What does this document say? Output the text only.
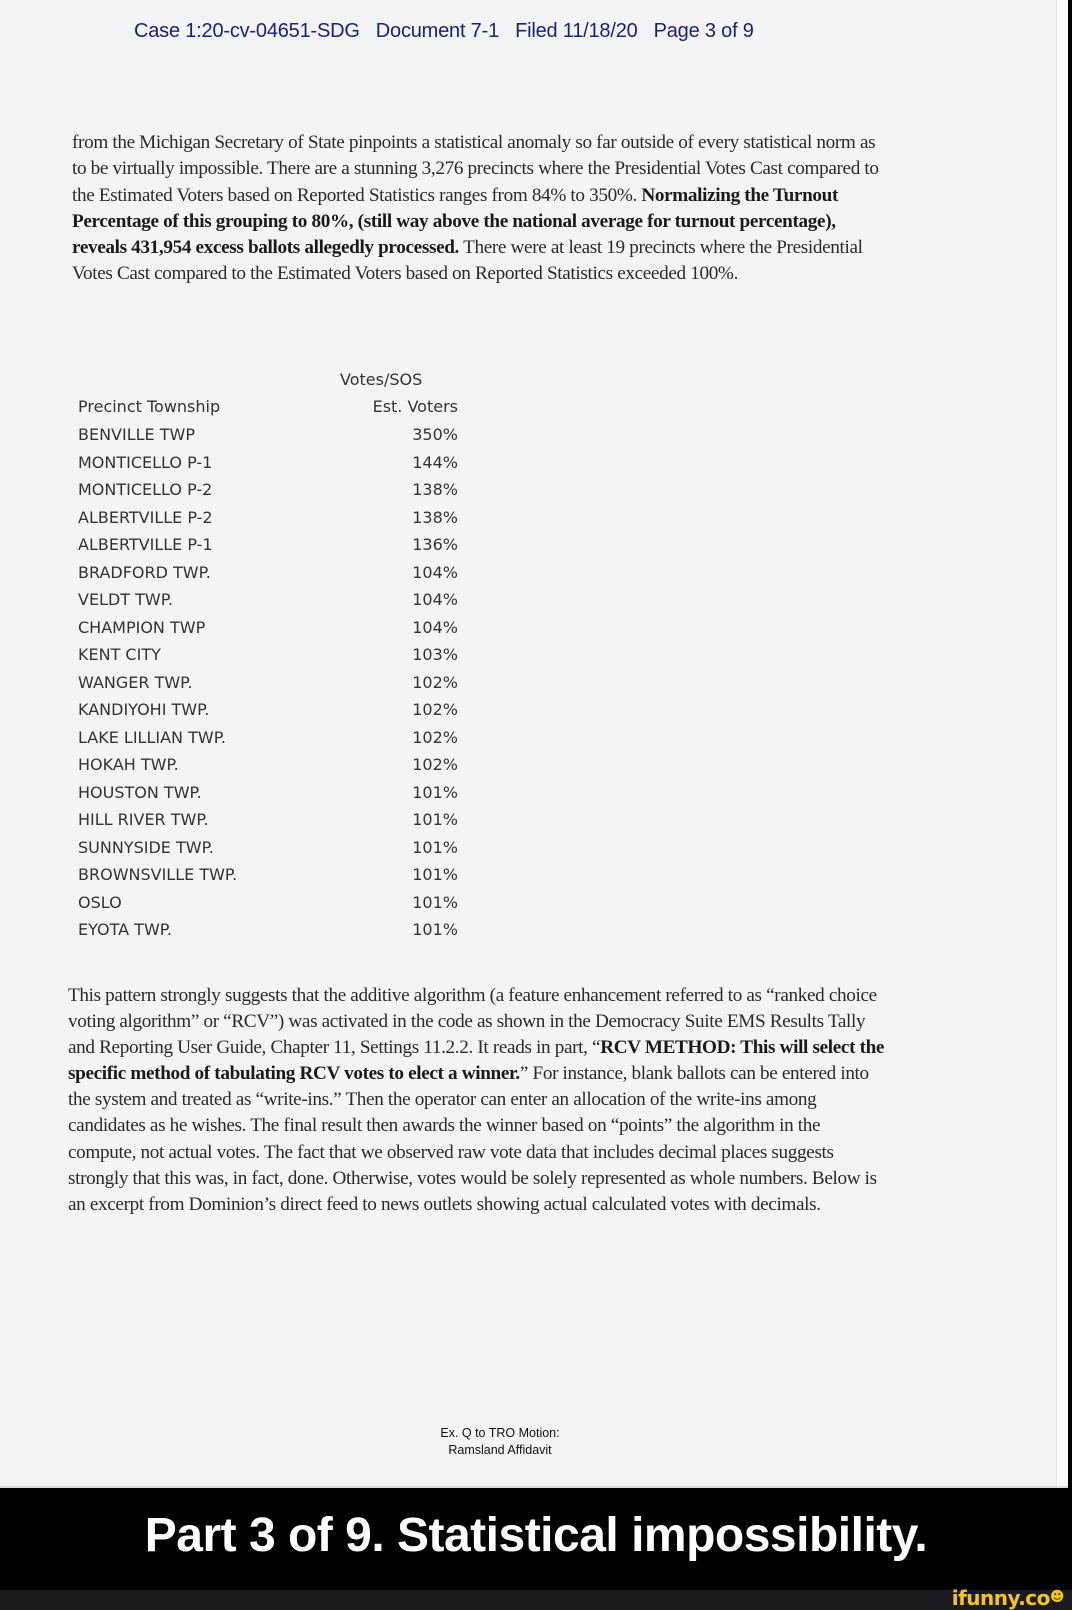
Case 1:20-cv-04651-SDG   Document 7-1   Filed 11/18/20   Page 3 of 9
from the Michigan Secretary of State pinpoints a statistical anomaly so far outside of every statistical norm as to be virtually impossible. There are a stunning 3,276 precincts where the Presidential Votes Cast compared to the Estimated Voters based on Reported Statistics ranges from 84% to 350%. Normalizing the Turnout Percentage of this grouping to 80%, (still way above the national average for turnout percentage), reveals 431,954 excess ballots allegedly processed. There were at least 19 precincts where the Presidential Votes Cast compared to the Estimated Voters based on Reported Statistics exceeded 100%.
Votes/SOS
Precinct Township	Est. Voters
BENVILLE TWP	350%
MONTICELLO P-1	144%
MONTICELLO P-2	138%
ALBERTVILLE P-2	138%
ALBERTVILLE P-1	136%
BRADFORD TWP.	104%
VELDT TWP.	104%
CHAMPION TWP	104%
KENT CITY	103%
WANGER TWP.	102%
KANDIYOHI TWP.	102%
LAKE LILLIAN TWP.	102%
HOKAH TWP.	102%
HOUSTON TWP.	101%
HILL RIVER TWP.	101%
SUNNYSIDE TWP.	101%
BROWNSVILLE TWP.	101%
OSLO	101%
EYOTA TWP.	101%
This pattern strongly suggests that the additive algorithm (a feature enhancement referred to as “ranked choice voting algorithm” or “RCV”) was activated in the code as shown in the Democracy Suite EMS Results Tally and Reporting User Guide, Chapter 11, Settings 11.2.2. It reads in part, “RCV METHOD: This will select the specific method of tabulating RCV votes to elect a winner.” For instance, blank ballots can be entered into the system and treated as “write-ins.” Then the operator can enter an allocation of the write-ins among candidates as he wishes. The final result then awards the winner based on “points” the algorithm in the compute, not actual votes. The fact that we observed raw vote data that includes decimal places suggests strongly that this was, in fact, done. Otherwise, votes would be solely represented as whole numbers. Below is an excerpt from Dominion’s direct feed to news outlets showing actual calculated votes with decimals.
Ex. Q to TRO Motion:
Ramsland Affidavit
Part 3 of 9. Statistical impossibility.
ifunny.co☻
